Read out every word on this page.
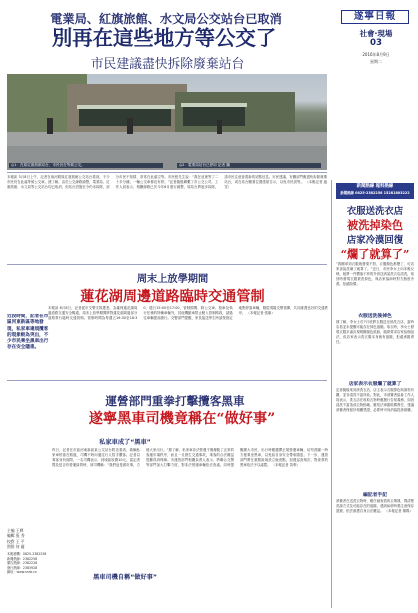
電業局、紅旗旅館、水文局公交站台已取消
別再在這些地方等公交了
市民建議盡快拆除廢棄站台
遂寧日報
社會·現場
03
2016年8月9日
星期二
◎1：在原紅旗旅館站台，市民仍在等候公交。	◎2：電業局站台已停用 記者 攝
本報訊 3月8日上午，記者在南河路原紅旗旅館公交站台看到，不少市民仍在此處等候公交車。據了解，由於公交線路調整，電業局、紅旗旅館、水文局等公交站台均已取消，但站台設施至今仍未拆除，部分市民不知情，常常在此處空等。市民張先生說：“我在這裡等了二十多分鐘，一輛公交車都沒有停。”記者隨後聯繫了市公交公司，工作人員表示，相關線路已於今年6月進行調整，原站台將逐步拆除，請市民注意查看新的站點信息。市民建議，有關部門應盡快拆除廢棄站台，或在站台顯著位置張貼告示，以免市民誤等。 （本報記者 趙雪）
周末上放學期間
蓮花湖周邊道路臨時交通管制
本報訊 8月8日，記者從市交警支隊獲悉，為確保蓮花湖周邊道路交通安全暢通，周末上放學期間將對蓮花湖周邊部分道路實行臨時交通管制。管制時間為每週五16:30至18:30、週日15:00至17:00，管制期間，除公交車、校車及執行任務的特種車輛外，其他機動車禁止駛入管制路段，請過往車輛提前繞行。交警部門提醒，家長接送學生時請按指定地點停靠車輛，服從現場交警指揮，共同維護良好的交通秩序。 （本報記者 張瑜）
運營部門重拳打擊攬客黑車
遂寧黑車司機竟稱在“做好事”
私家車成了“黑車”
近段時間，記者在市區河東新區等地發現，私家車違規攬客的現象較為突出，不少市民乘坐黑車出行存在安全隱患。
昨日，記者在市區河東新區某公交站台附近看到，幾輛私家車停靠在路邊，司機不時向過往行人招手攬客。記者以乘客身份詢問，一名司機表示，到城區收費10元。當記者問及是否有營運資質時，該司機稱：“我們這是做好事，方便大家出行。”據了解，私家車非法營運不僅擾亂了正常的客運市場秩序，而且一旦發生交通事故，乘客的合法權益很難得到保障。市運管部門相關負責人表示，將聯合交警等部門加大打擊力度，對非法營運車輛依法查處，同時提醒廣大市民，出行時應選擇正規營運車輛，切勿貪圖一時方便乘坐黑車，以免給自身安全帶來隱患。下一步，運管部門將在重點區域設立檢查點，加強巡查頻次，對查實的黑車依法予以處罰。 （本報記者 黃利）
黑車司機自稱“做好事”
主編 王輝
編輯 張 秀
校對 王 平
照排 何 麗
本報總機：0825-2382258
新聞熱線：2382258
廣告熱線：2382228
發行熱線：2383928
網址：www.snrb.cn
新聞熱線 報料熱線
新聞熱線 0825-2382258 15281803222
衣服送洗衣店
被洗掉染色
店家冷漠回復
“爛了就算了”
“我剛拿到衣服就發現不對，衣服顏色都變了，可店家卻說洗壞了就算了。”近日，市民李女士向本報反映，她將一件價值不菲的外套送到某洗衣店清洗，取回時發現衣服被洗掉色，與店家協商時對方態度冷漠，拒絕賠償。
衣服送洗後掉色
據了解，李女士於7月底將衣服送至該洗衣店，當時店員並未提醒可能存在掉色風險。取衣時，李女士發現衣服多處出現明顯褪色痕跡，隨即要求店家給個說法，但店家表示洗衣服本身就有風險，拒絕承擔責任。
店家表示衣服爛了就算了
記者隨後來到該洗衣店，店主表示衣服掉色與面料有關，並非清洗不當所致。對此，市消費者協會工作人員表示，洗衣店在收取衣物時應履行告知義務，如因清洗不當造成衣物損壞，應依法承擔賠償責任，建議消費者保留好相關憑證，必要時可向消協投訴維權。
編記者手記
消費者在送洗衣物時，應仔細查看收衣單據，問清楚洗滌方式及可能存在的風險，遇到糾紛時要注意保存證據，依法維護自身合法權益。 （本報記者 楊楊）
